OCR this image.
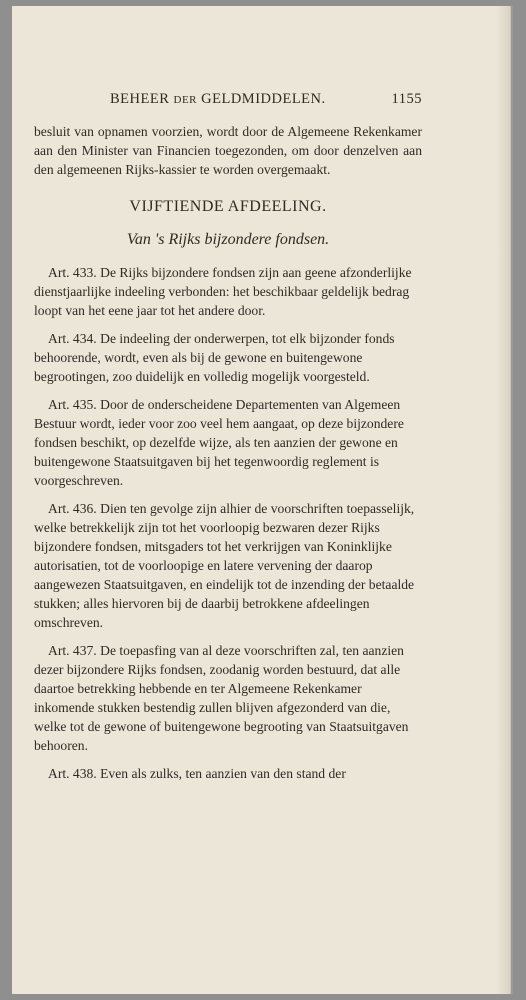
BEHEER DER GELDMIDDELEN.	1155

besluit van opnamen voorzien, wordt door de Algemeene Rekenkamer aan den Minister van Financien toegezonden, om door denzelven aan den algemeenen Rijks-kassier te worden overgemaakt.

VIJFTIENDE AFDEELING.
Van 's Rijks bijzondere fondsen.
Art. 433. De Rijks bijzondere fondsen zijn aan geene afzonderlijke dienstjaarlijke indeeling verbonden: het beschikbaar geldelijk bedrag loopt van het eene jaar tot het andere door.
Art. 434. De indeeling der onderwerpen, tot elk bijzonder fonds behoorende, wordt, even als bij de gewone en buitengewone begrootingen, zoo duidelijk en volledig mogelijk voorgesteld.
Art. 435. Door de onderscheidene Departementen van Algemeen Bestuur wordt, ieder voor zoo veel hem aangaat, op deze bijzondere fondsen beschikt, op dezelfde wijze, als ten aanzien der gewone en buitengewone Staatsuitgaven bij het tegenwoordig reglement is voorgeschreven.
Art. 436. Dien ten gevolge zijn alhier de voorschriften toepasselijk, welke betrekkelijk zijn tot het voorloopig bezwaren dezer Rijks bijzondere fondsen, mitsgaders tot het verkrijgen van Koninklijke autorisatien, tot de voorloopige en latere vervening der daarop aangewezen Staatsuitgaven, en eindelijk tot de inzending der betaalde stukken; alles hiervoren bij de daarbij betrokkene afdeelingen omschreven.
Art. 437. De toepasfing van al deze voorschriften zal, ten aanzien dezer bijzondere Rijks fondsen, zoodanig worden bestuurd, dat alle daartoe betrekking hebbende en ter Algemeene Rekenkamer inkomende stukken bestendig zullen blijven afgezonderd van die, welke tot de gewone of buitengewone begrooting van Staatsuitgaven behooren.
Art. 438. Even als zulks, ten aanzien van den stand der
